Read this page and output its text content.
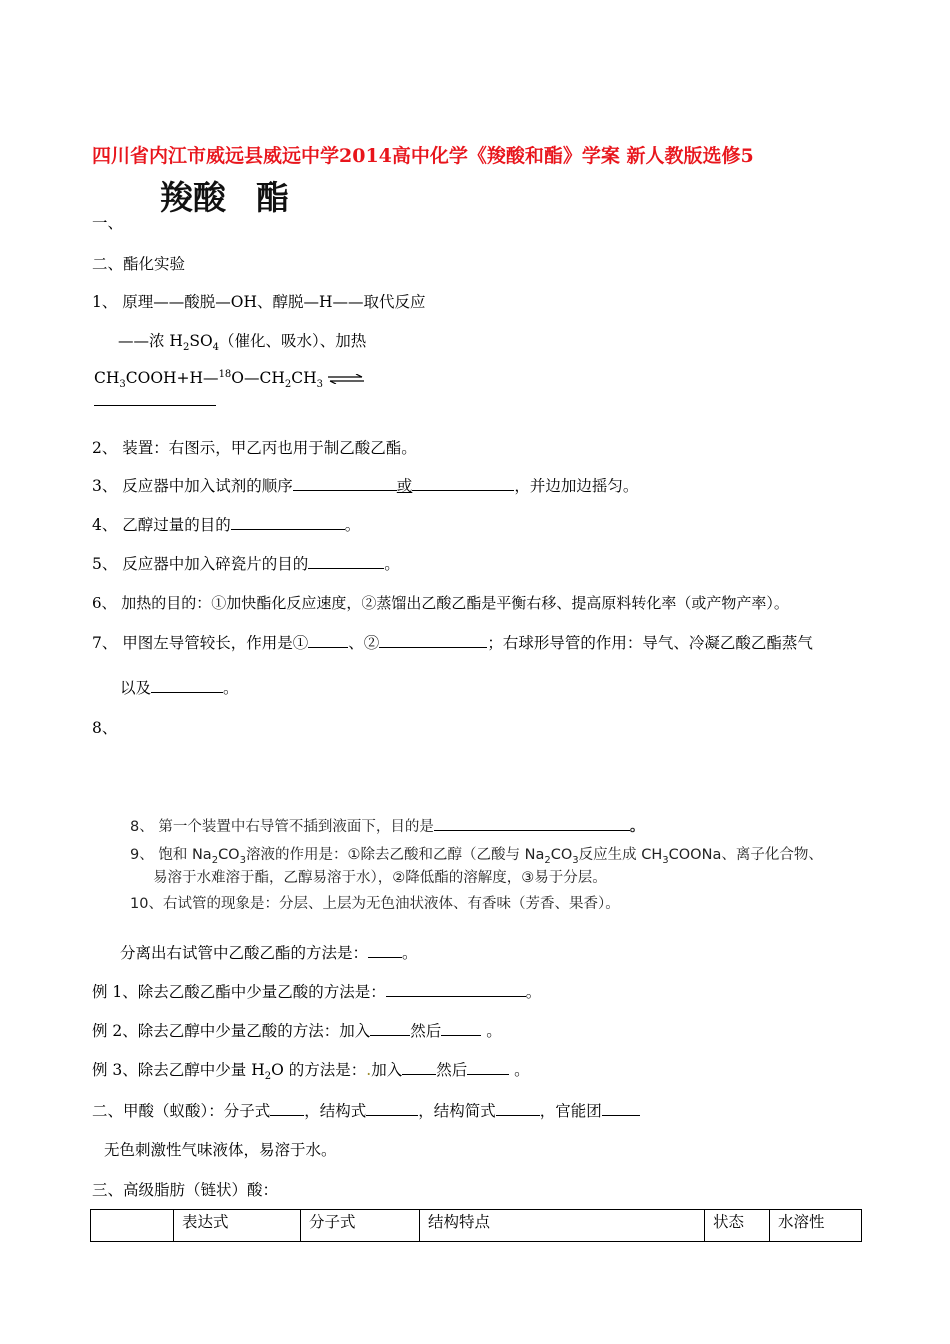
四川省内江市威远县威远中学2014高中化学《羧酸和酯》学案 新人教版选修5
羧酸 酯
一、
二、酯化实验
1、 原理——酸脱—OH、醇脱—H——取代反应
——浓 $H_2SO_4$（催化、吸水）、加热
$CH_3COOH+H—^{18}O—CH_2CH_3$
2、 装置：右图示，甲乙丙也用于制乙酸乙酯。
3、 反应器中加入试剂的顺序	或	，并边加边摇匀。
4、 乙醇过量的目的	。
5、 反应器中加入碎瓷片的目的	。
6、 加热的目的：①加快酯化反应速度，②蒸馏出乙酸乙酯是平衡右移、提高原料转化率（或产物产率）。
7、 甲图左导管较长，作用是①	、②	；右球形导管的作用：导气、冷凝乙酸乙酯蒸气
以及	。
8、
8、 第一个装置中右导管不插到液面下，目的是	。
9、 饱和 $Na_2CO_3$溶液的作用是：①除去乙酸和乙醇（乙酸与 $Na_2CO_3$反应生成 $CH_3COONa$、离子化合物、
易溶于水难溶于酯，乙醇易溶于水），②降低酯的溶解度，③易于分层。
10、右试管的现象是：分层、上层为无色油状液体、有香味（芳香、果香）。
分离出右试管中乙酸乙酯的方法是： 。
例 1、除去乙酸乙酯中少量乙酸的方法是：	。
例 2、除去乙醇中少量乙酸的方法：加入	然后	。
例 3、除去乙醇中少量 $H_2O$ 的方法是：.加入 然后	。
二、甲酸（蚁酸）：分子式 ，结构式	，结构简式	，官能团
无色刺激性气味液体，易溶于水。
三、高级脂肪（链状）酸：
	表达式	分子式	结构特点	状态	水溶性
